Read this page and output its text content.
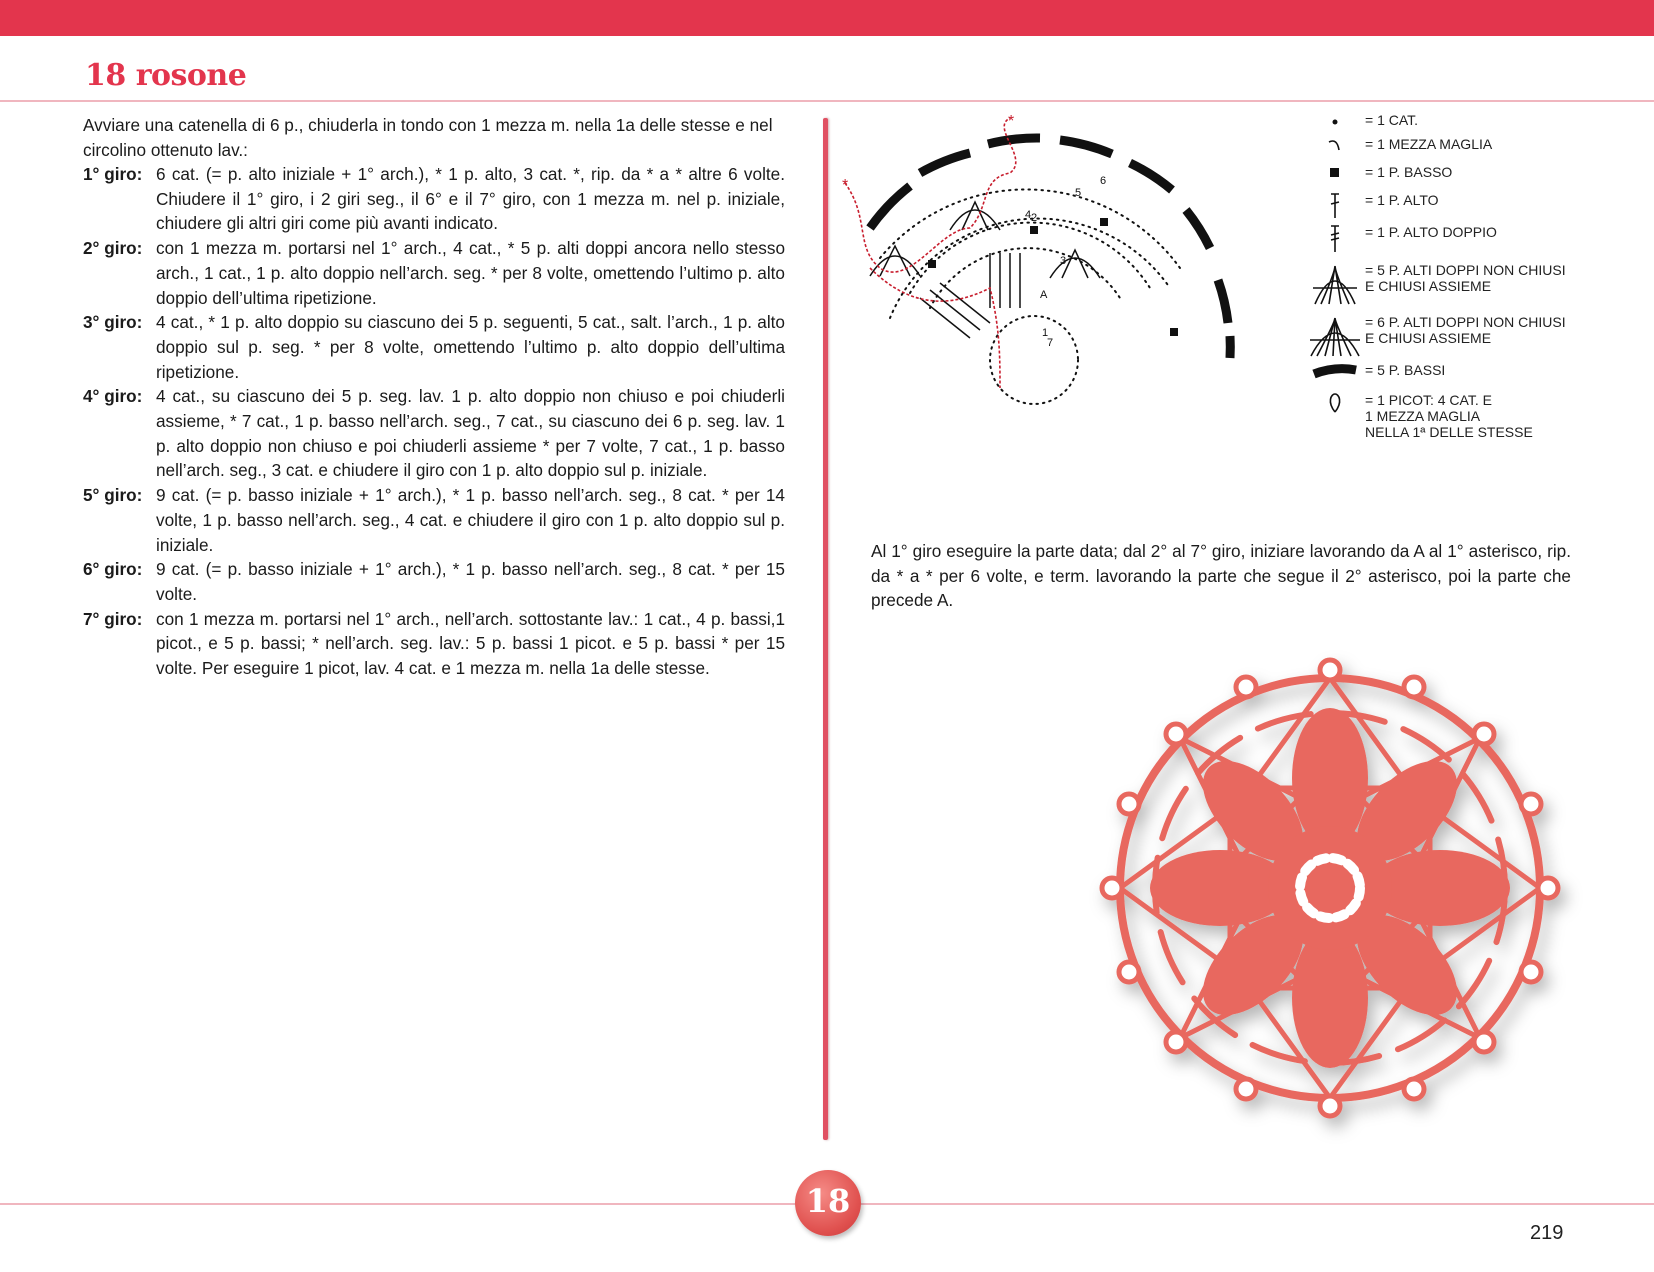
18 rosone
Avviare una catenella di 6 p., chiuderla in tondo con 1 mezza m. nella 1a delle stesse e nel circolino ottenuto lav.:
1° giro: 6 cat. (= p. alto iniziale + 1° arch.), * 1 p. alto, 3 cat. *, rip. da * a * altre 6 volte. Chiudere il 1° giro, i 2 giri seg., il 6° e il 7° giro, con 1 mezza m. nel p. iniziale, chiudere gli altri giri come più avanti indicato.
2° giro: con 1 mezza m. portarsi nel 1° arch., 4 cat., * 5 p. alti doppi ancora nello stesso arch., 1 cat., 1 p. alto doppio nell’arch. seg. * per 8 volte, omettendo l’ultimo p. alto doppio dell’ultima ripetizione.
3° giro: 4 cat., * 1 p. alto doppio su ciascuno dei 5 p. seguenti, 5 cat., salt. l’arch., 1 p. alto doppio sul p. seg. * per 8 volte, omettendo l’ultimo p. alto doppio dell’ultima ripetizione.
4° giro: 4 cat., su ciascuno dei 5 p. seg. lav. 1 p. alto doppio non chiuso e poi chiuderli assieme, * 7 cat., 1 p. basso nell’arch. seg., 7 cat., su ciascuno dei 6 p. seg. lav. 1 p. alto doppio non chiuso e poi chiuderli assieme * per 7 volte, 7 cat., 1 p. basso nell’arch. seg., 3 cat. e chiudere il giro con 1 p. alto doppio sul p. iniziale.
5° giro: 9 cat. (= p. basso iniziale + 1° arch.), * 1 p. basso nell’arch. seg., 8 cat. * per 14 volte, 1 p. basso nell’arch. seg., 4 cat. e chiudere il giro con 1 p. alto doppio sul p. iniziale.
6° giro: 9 cat. (= p. basso iniziale + 1° arch.), * 1 p. basso nell’arch. seg., 8 cat. * per 15 volte.
7° giro: con 1 mezza m. portarsi nel 1° arch., nell’arch. sottostante lav.: 1 cat., 4 p. bassi,1 picot., e 5 p. bassi; * nell’arch. seg. lav.: 5 p. bassi 1 picot. e 5 p. bassi * per 15 volte. Per eseguire 1 picot, lav. 4 cat. e 1 mezza m. nella 1a delle stesse.
*
*
1
2
3
4
5
6
7
A
= 1 CAT.
= 1 MEZZA MAGLIA
= 1 P. BASSO
= 1 P. ALTO
= 1 P. ALTO DOPPIO
= 5 P. ALTI DOPPI NON CHIUSI
E CHIUSI ASSIEME
= 6 P. ALTI DOPPI NON CHIUSI
E CHIUSI ASSIEME
= 5 P. BASSI
= 1 PICOT: 4 CAT. E
1 MEZZA MAGLIA
NELLA 1ª DELLE STESSE
Al 1° giro eseguire la parte data; dal 2° al 7° giro, iniziare lavorando da A al 1° asterisco, rip. da * a * per 6 volte, e term. lavorando la parte che segue il 2° asterisco, poi la parte che precede A.
18
219
